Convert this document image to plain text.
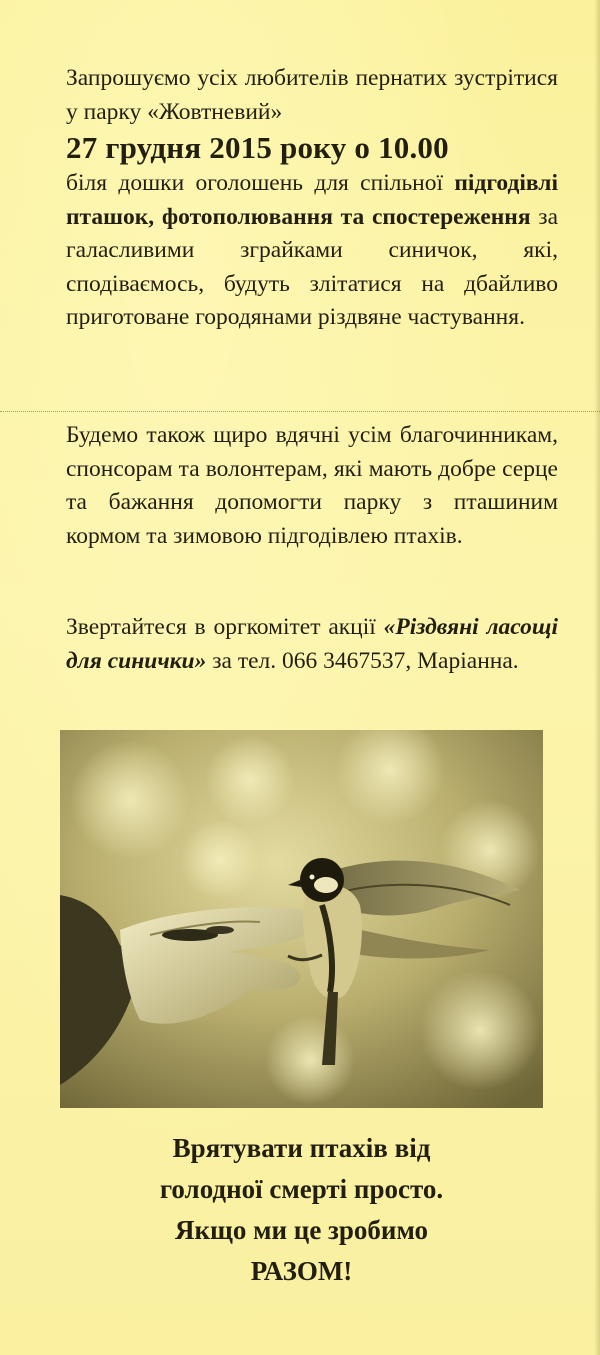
Запрошуємо усіх любителів пернатих зустрітися у парку «Жовтневий»
27 грудня 2015 року о 10.00
біля дошки оголошень для спільної підгодівлі пташок, фотополювання та спостереження за галасливими зграйками синичок, які, сподіваємось, будуть злітатися на дбайливо приготоване городянами різдвяне частування.
Будемо також щиро вдячні усім благочинникам, спонсорам та волонтерам, які мають добре серце та бажання допомогти парку з пташиним кормом та зимовою підгодівлею птахів.
Звертайтеся в оргкомітет акції «Різдвяні ласощі для синички» за тел. 066 3467537, Маріанна.
Врятувати птахів від
голодної смерті просто.
Якщо ми це зробимо
РАЗОМ!
